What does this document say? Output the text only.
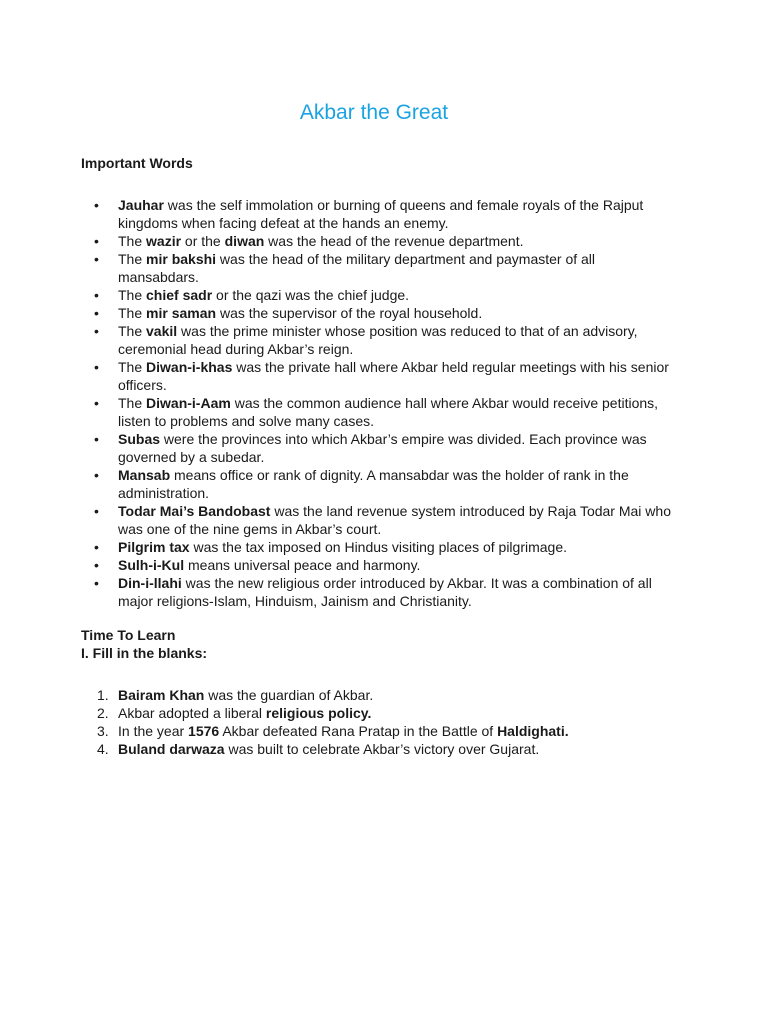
Akbar the Great
Important Words
• Jauhar was the self immolation or burning of queens and female royals of the Rajput kingdoms when facing defeat at the hands an enemy.
• The wazir or the diwan was the head of the revenue department.
• The mir bakshi was the head of the military department and paymaster of all mansabdars.
• The chief sadr or the qazi was the chief judge.
• The mir saman was the supervisor of the royal household.
• The vakil was the prime minister whose position was reduced to that of an advisory, ceremonial head during Akbar’s reign.
• The Diwan-i-khas was the private hall where Akbar held regular meetings with his senior officers.
• The Diwan-i-Aam was the common audience hall where Akbar would receive petitions, listen to problems and solve many cases.
• Subas were the provinces into which Akbar’s empire was divided. Each province was governed by a subedar.
• Mansab means office or rank of dignity. A mansabdar was the holder of rank in the administration.
• Todar Mai’s Bandobast was the land revenue system introduced by Raja Todar Mai who was one of the nine gems in Akbar’s court.
• Pilgrim tax was the tax imposed on Hindus visiting places of pilgrimage.
• Sulh-i-Kul means universal peace and harmony.
• Din-i-llahi was the new religious order introduced by Akbar. It was a combination of all major religions-Islam, Hinduism, Jainism and Christianity.
Time To Learn
I. Fill in the blanks:
1. Bairam Khan was the guardian of Akbar.
2. Akbar adopted a liberal religious policy.
3. In the year 1576 Akbar defeated Rana Pratap in the Battle of Haldighati.
4. Buland darwaza was built to celebrate Akbar’s victory over Gujarat.
